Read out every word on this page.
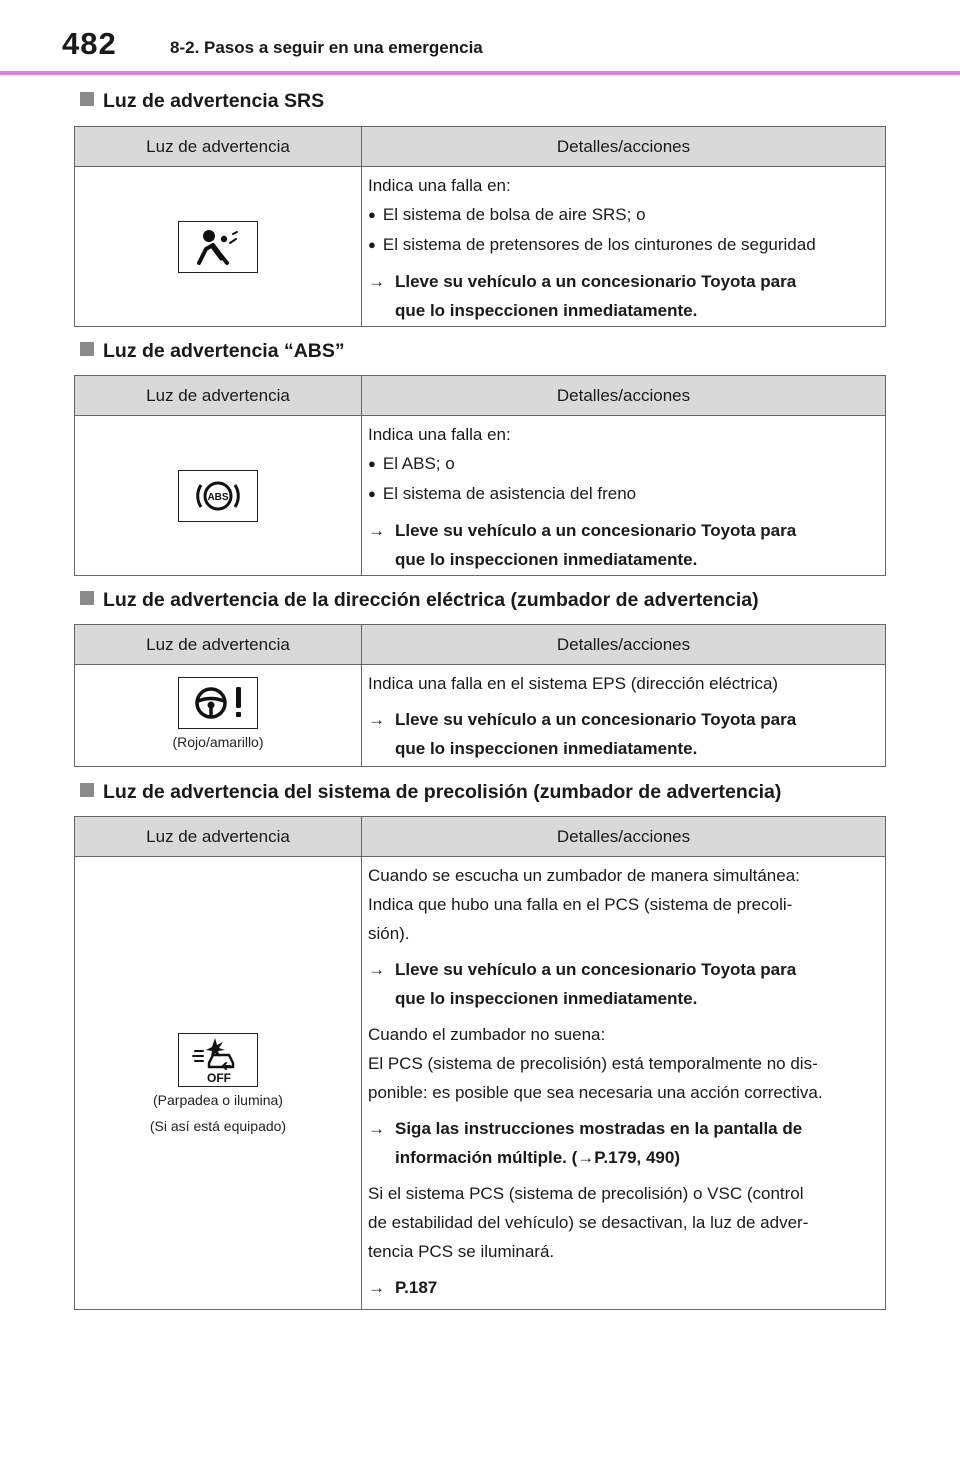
482	8-2. Pasos a seguir en una emergencia
Luz de advertencia SRS
Luz de advertencia	Detalles/acciones

Indica una falla en:

● El sistema de bolsa de aire SRS; o

● El sistema de pretensores de los cinturones de seguridad

→ Lleve su vehículo a un concesionario Toyota para
que lo inspeccionen inmediatamente.

Luz de advertencia “ABS”
Luz de advertencia	Detalles/acciones
ABS

Indica una falla en:

● El ABS; o

● El sistema de asistencia del freno

→ Lleve su vehículo a un concesionario Toyota para
que lo inspeccionen inmediatamente.

Luz de advertencia de la dirección eléctrica (zumbador de advertencia)
Luz de advertencia	Detalles/acciones
(Rojo/amarillo)

Indica una falla en el sistema EPS (dirección eléctrica)

→ Lleve su vehículo a un concesionario Toyota para
que lo inspeccionen inmediatamente.

Luz de advertencia del sistema de precolisión (zumbador de advertencia)
Luz de advertencia	Detalles/acciones
OFF
(Parpadea o ilumina)
(Si así está equipado)

Cuando se escucha un zumbador de manera simultánea:
Indica que hubo una falla en el PCS (sistema de precoli-
sión).

→ Lleve su vehículo a un concesionario Toyota para
que lo inspeccionen inmediatamente.

Cuando el zumbador no suena:
El PCS (sistema de precolisión) está temporalmente no dis-
ponible: es posible que sea necesaria una acción correctiva.

→ Siga las instrucciones mostradas en la pantalla de
información múltiple. (→P.179, 490)

Si el sistema PCS (sistema de precolisión) o VSC (control
de estabilidad del vehículo) se desactivan, la luz de adver-
tencia PCS se iluminará.

→ P.187
